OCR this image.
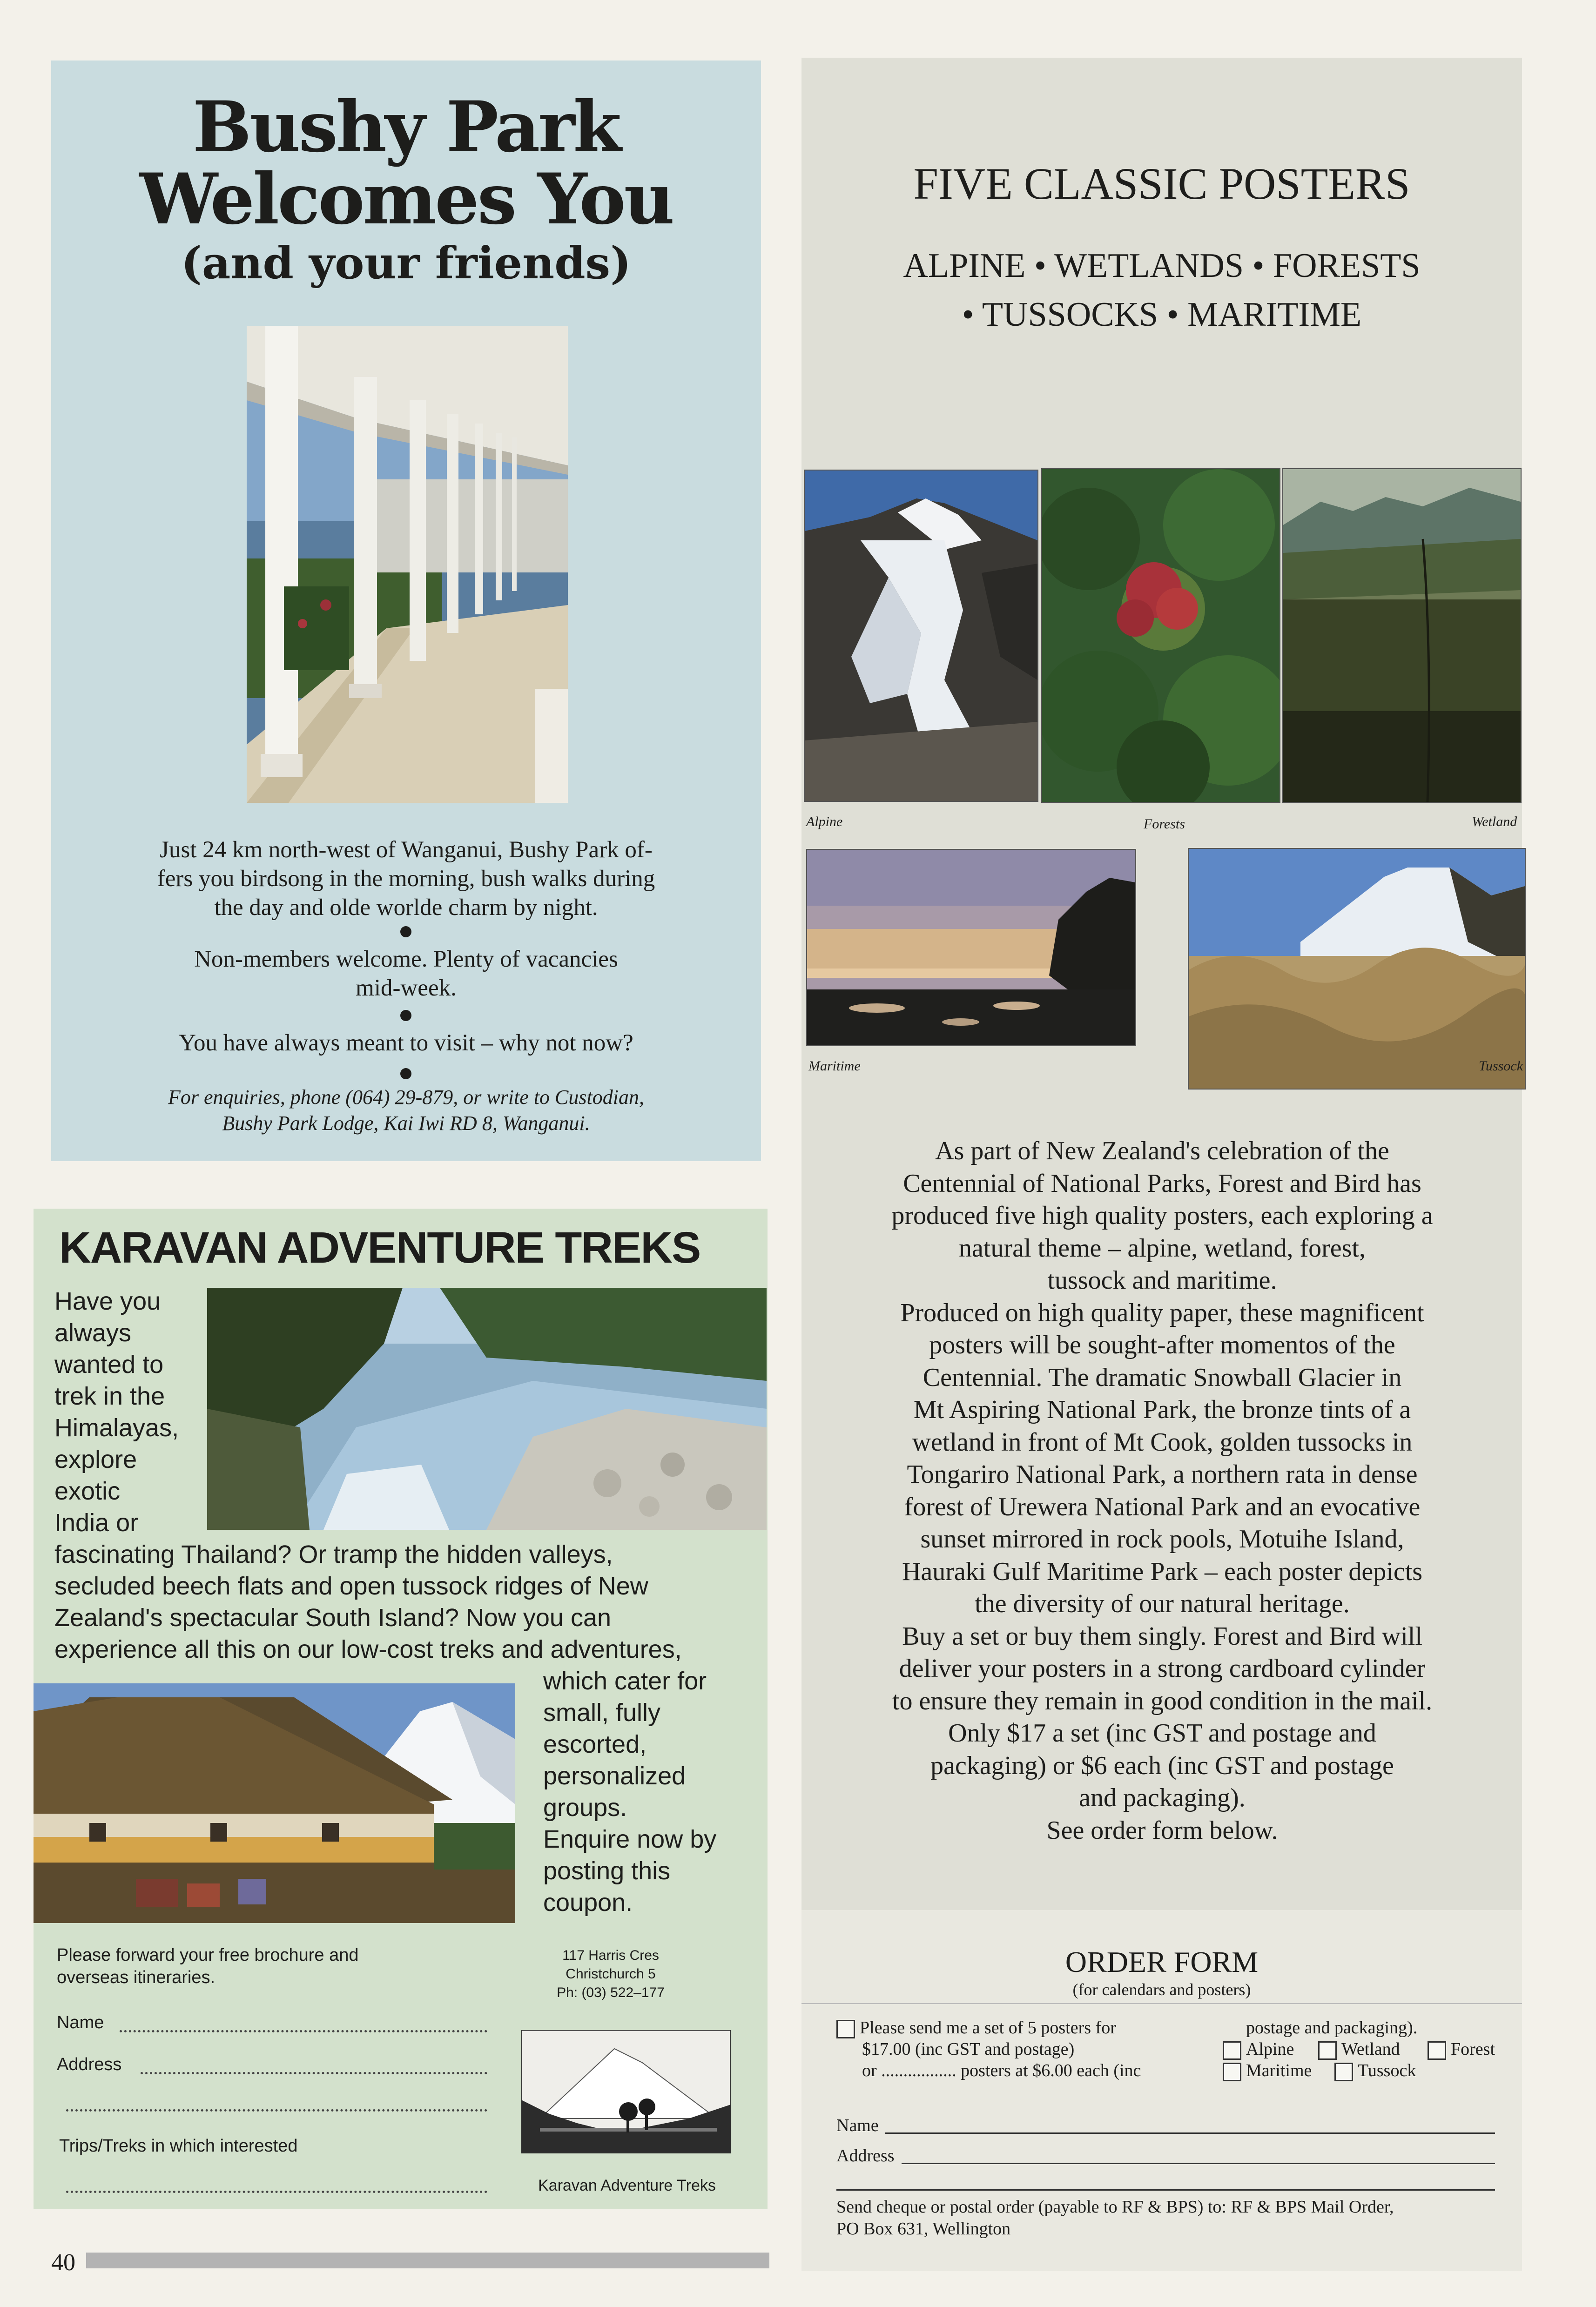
Bushy Park
Welcomes You
(and your friends)
Just 24 km north-west of Wanganui, Bushy Park of-
fers you birdsong in the morning, bush walks during
the day and olde worlde charm by night.
Non-members welcome. Plenty of vacancies
mid-week.
You have always meant to visit – why not now?
For enquiries, phone (064) 29-879, or write to Custodian,
Bushy Park Lodge, Kai Iwi RD 8, Wanganui.
KARAVAN ADVENTURE TREKS
Have you
always
wanted to
trek in the
Himalayas,
explore
exotic
India or
fascinating Thailand? Or tramp the hidden valleys,
secluded beech flats and open tussock ridges of New
Zealand's spectacular South Island? Now you can
experience all this on our low-cost treks and adventures,
which cater for
small, fully
escorted,
personalized
groups.
Enquire now by
posting this
coupon.
Please forward your free brochure and
overseas itineraries.
117 Harris Cres
Christchurch 5
Ph: (03) 522–177
Name
Address
Trips/Treks in which interested
Karavan Adventure Treks
FIVE CLASSIC POSTERS
ALPINE • WETLANDS • FORESTS
• TUSSOCKS • MARITIME
Alpine	Forests	Wetland
Maritime	Tussock
As part of New Zealand's celebration of the
Centennial of National Parks, Forest and Bird has
produced five high quality posters, each exploring a
natural theme – alpine, wetland, forest,
tussock and maritime.
Produced on high quality paper, these magnificent
posters will be sought-after momentos of the
Centennial. The dramatic Snowball Glacier in
Mt Aspiring National Park, the bronze tints of a
wetland in front of Mt Cook, golden tussocks in
Tongariro National Park, a northern rata in dense
forest of Urewera National Park and an evocative
sunset mirrored in rock pools, Motuihe Island,
Hauraki Gulf Maritime Park – each poster depicts
the diversity of our natural heritage.
Buy a set or buy them singly. Forest and Bird will
deliver your posters in a strong cardboard cylinder
to ensure they remain in good condition in the mail.
Only $17 a set (inc GST and postage and
packaging) or $6 each (inc GST and postage
and packaging).
See order form below.
ORDER FORM
(for calendars and posters)
Please send me a set of 5 posters for
$17.00 (inc GST and postage)
or ................. posters at $6.00 each (inc
postage and packaging).
Alpine	Wetland	Forest
Maritime	Tussock
Name
Address
Send cheque or postal order (payable to RF & BPS) to: RF & BPS Mail Order,
PO Box 631, Wellington
40
